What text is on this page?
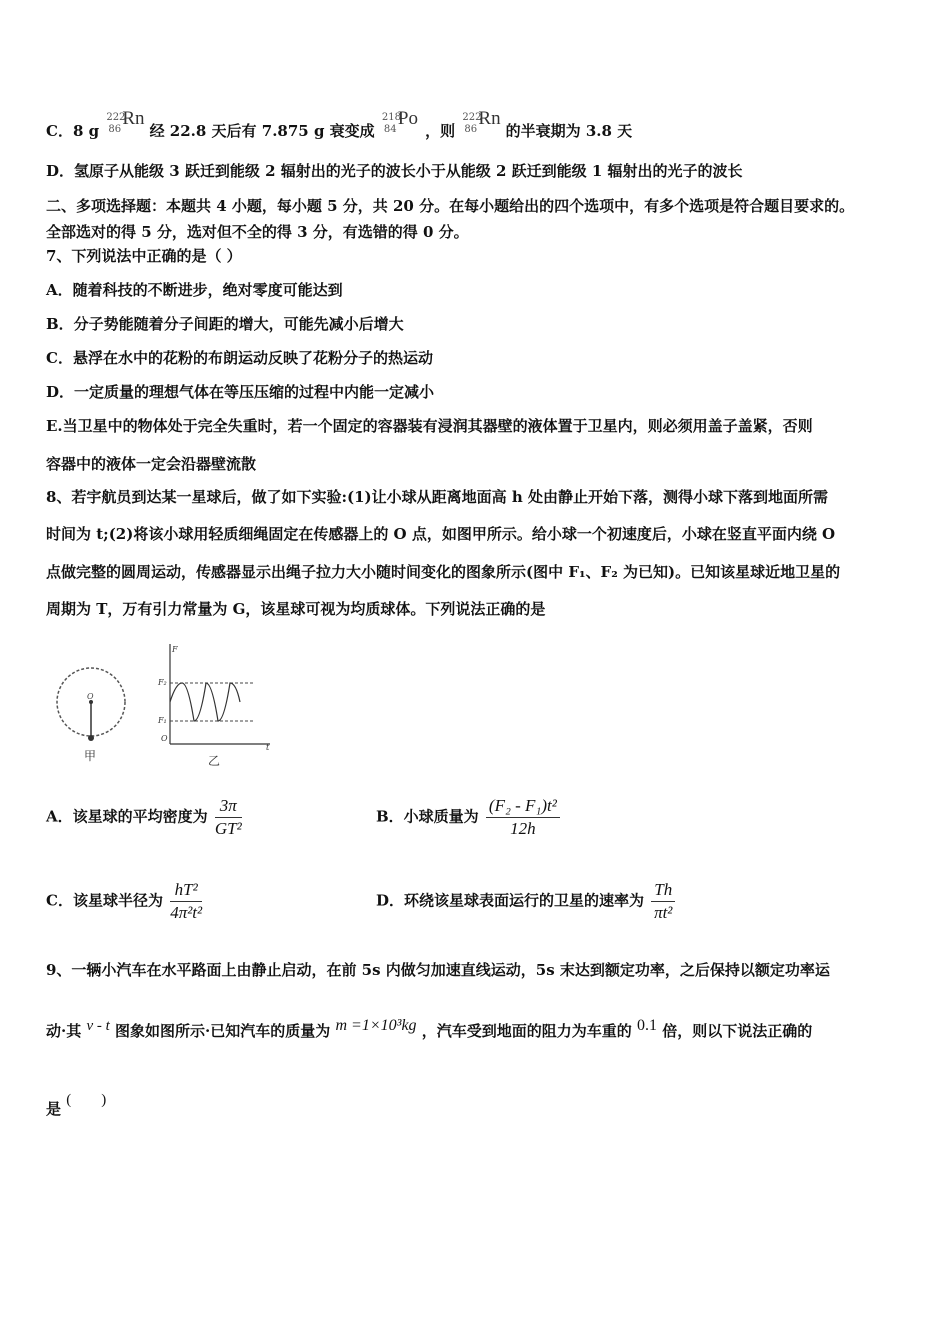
C．8 g
222
86
Rn
经 22.8 天后有 7.875 g 衰变成
218
84
Po
，则
222
86
Rn
的半衰期为 3.8 天
D．氢原子从能级 3 跃迁到能级 2 辐射出的光子的波长小于从能级 2 跃迁到能级 1 辐射出的光子的波长
二、多项选择题：本题共 4 小题，每小题 5 分，共 20 分。在每小题给出的四个选项中，有多个选项是符合题目要求的。
全部选对的得 5 分，选对但不全的得 3 分，有选错的得 0 分。
7、下列说法中正确的是（ ）
A．随着科技的不断进步，绝对零度可能达到
B．分子势能随着分子间距的增大，可能先减小后增大
C．悬浮在水中的花粉的布朗运动反映了花粉分子的热运动
D．一定质量的理想气体在等压压缩的过程中内能一定减小
E.当卫星中的物体处于完全失重时，若一个固定的容器装有浸润其器壁的液体置于卫星内，则必须用盖子盖紧，否则
容器中的液体一定会沿器壁流散
8、若宇航员到达某一星球后，做了如下实验:(1)让小球从距离地面高 h 处由静止开始下落，测得小球下落到地面所需
时间为 t;(2)将该小球用轻质细绳固定在传感器上的 O 点，如图甲所示。给小球一个初速度后，小球在竖直平面内绕 O
点做完整的圆周运动，传感器显示出绳子拉力大小随时间变化的图象所示(图中 F₁、F₂ 为已知)。已知该星球近地卫星的
周期为 T，万有引力常量为 G，该星球可视为均质球体。下列说法正确的是
O
甲
F
t
F₂
F₁
O
乙
A．该星球的平均密度为 $\frac{3\pi}{\text{GT²}}$	B．小球质量为 $\frac{\text{(F₂ - F₁)t²}}{12h}$
C．该星球半径为 $\frac{\text{hT²}}{\text{4π²t²}}$	D．环绕该星球表面运行的卫星的速率为 $\frac{Th}{\text{πt²}}$
9、一辆小汽车在水平路面上由静止启动，在前 5s 内做匀加速直线运动，5s 末达到额定功率，之后保持以额定功率运
动·其 v - t 图象如图所示·已知汽车的质量为 m =1×10³kg ，汽车受到地面的阻力为车重的 0.1 倍，则以下说法正确的
是 (        )
